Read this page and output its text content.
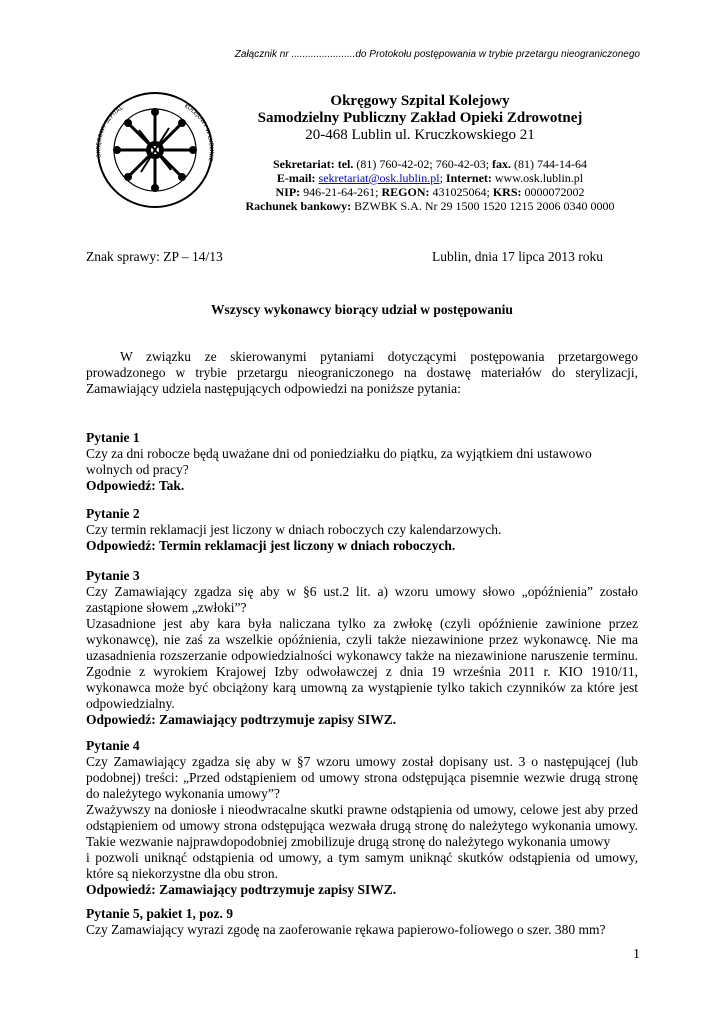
Załącznik nr .......................do Protokołu postępowania w trybie przetargu nieograniczonego
OKRĘGOWY SZPITAL	KOLEJOWY W LUBLINIE

Okręgowy Szpital Kolejowy

Samodzielny Publiczny Zakład Opieki Zdrowotnej
20-468 Lublin ul. Kruczkowskiego 21
Sekretariat: tel. (81) 760-42-02; 760-42-03; fax. (81) 744-14-64
E-mail: sekretariat@osk.lublin.pl; Internet: www.osk.lublin.pl
NIP: 946-21-64-261; REGON: 431025064; KRS: 0000072002
Rachunek bankowy: BZWBK S.A. Nr 29 1500 1520 1215 2006 0340 0000
Znak sprawy: ZP – 14/13	Lublin, dnia 17 lipca 2013 roku

Wszyscy wykonawcy biorący udział w postępowaniu

W związku ze skierowanymi pytaniami dotyczącymi postępowania przetargowego prowadzonego w trybie przetargu nieograniczonego na dostawę materiałów do sterylizacji, Zamawiający udziela następujących odpowiedzi na poniższe pytania:

Pytanie 1

Czy za dni robocze będą uważane dni od poniedziałku do piątku, za wyjątkiem dni ustawowo wolnych od pracy?

Odpowiedź: Tak.

Pytanie 2

Czy termin reklamacji jest liczony w dniach roboczych czy kalendarzowych.

Odpowiedź: Termin reklamacji jest liczony w dniach roboczych.

Pytanie 3

Czy Zamawiający zgadza się aby w §6 ust.2 lit. a) wzoru umowy słowo „opóźnienia” zostało zastąpione słowem „zwłoki”?

Uzasadnione jest aby kara była naliczana tylko za zwłokę (czyli opóźnienie zawinione przez wykonawcę), nie zaś za wszelkie opóźnienia, czyli także niezawinione przez wykonawcę. Nie ma uzasadnienia rozszerzanie odpowiedzialności wykonawcy także na niezawinione naruszenie terminu. Zgodnie z wyrokiem Krajowej Izby odwoławczej z dnia 19 września 2011 r. KIO 1910/11, wykonawca może być obciążony karą umowną za wystąpienie tylko takich czynników za które jest odpowiedzialny.

Odpowiedź: Zamawiający podtrzymuje zapisy SIWZ.

Pytanie 4

Czy Zamawiający zgadza się aby w §7 wzoru umowy został dopisany ust. 3 o następującej (lub podobnej) treści: „Przed odstąpieniem od umowy strona odstępująca pisemnie wezwie drugą stronę do należytego wykonania umowy”?

Zważywszy na doniosłe i nieodwracalne skutki prawne odstąpienia od umowy, celowe jest aby przed odstąpieniem od umowy strona odstępująca wezwała drugą stronę do należytego wykonania umowy. Takie wezwanie najprawdopodobniej zmobilizuje drugą stronę do należytego wykonania umowy

i pozwoli uniknąć odstąpienia od umowy, a tym samym uniknąć skutków odstąpienia od umowy, które są niekorzystne dla obu stron.

Odpowiedź: Zamawiający podtrzymuje zapisy SIWZ.

Pytanie 5, pakiet 1, poz. 9

Czy Zamawiający wyrazi zgodę na zaoferowanie rękawa papierowo-foliowego o szer. 380 mm?

1
